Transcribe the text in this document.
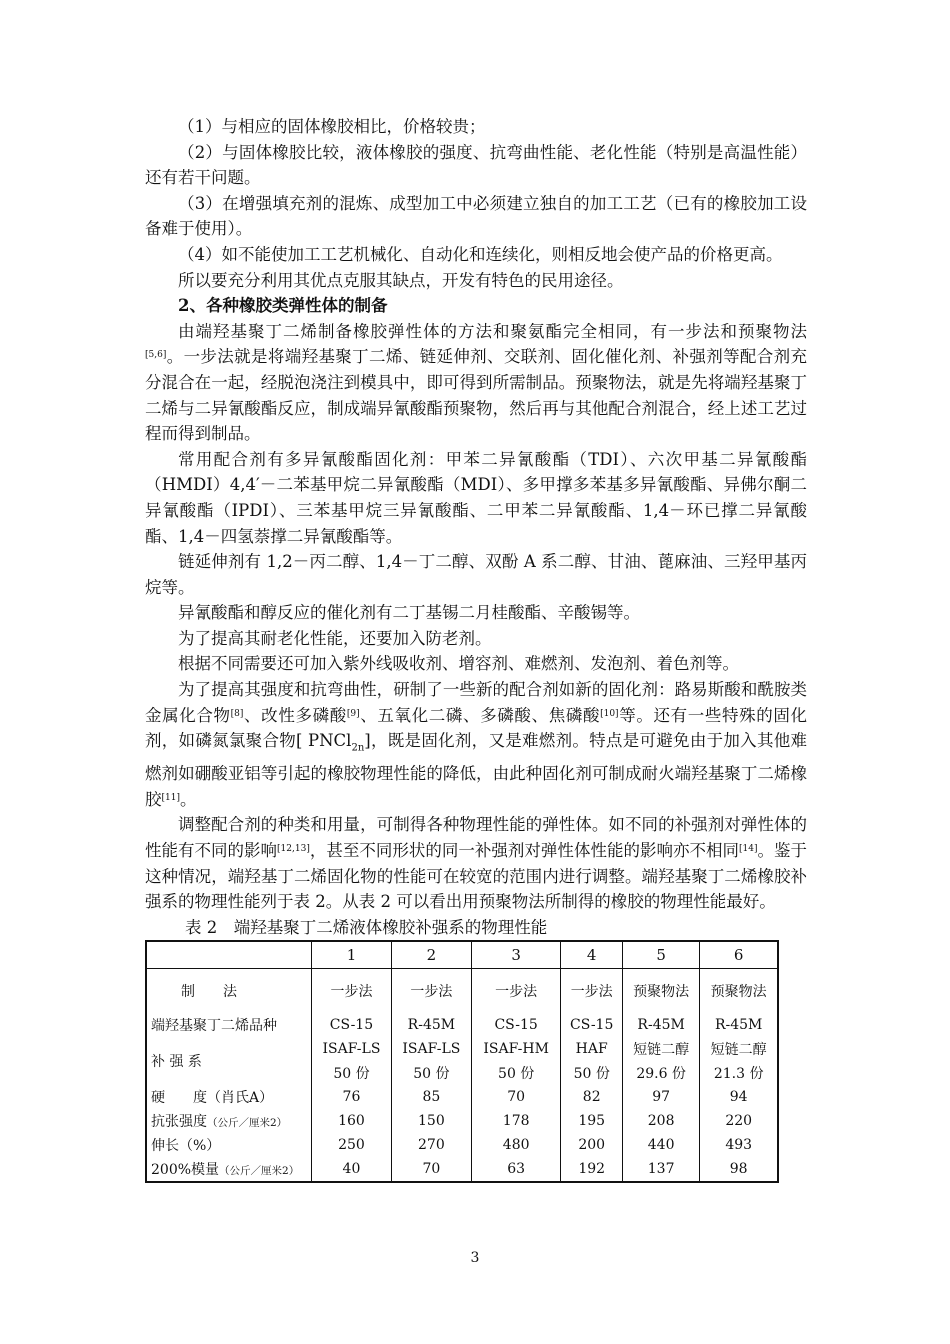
（1）与相应的固体橡胶相比，价格较贵；

（2）与固体橡胶比较，液体橡胶的强度、抗弯曲性能、老化性能（特别是高温性能）还有若干问题。

（3）在增强填充剂的混炼、成型加工中必须建立独自的加工工艺（已有的橡胶加工设备难于使用）。

（4）如不能使加工工艺机械化、自动化和连续化，则相反地会使产品的价格更高。

所以要充分利用其优点克服其缺点，开发有特色的民用途径。

2、各种橡胶类弹性体的制备

由端羟基聚丁二烯制备橡胶弹性体的方法和聚氨酯完全相同，有一步法和预聚物法[5,6]。一步法就是将端羟基聚丁二烯、链延伸剂、交联剂、固化催化剂、补强剂等配合剂充分混合在一起，经脱泡浇注到模具中，即可得到所需制品。预聚物法，就是先将端羟基聚丁二烯与二异氰酸酯反应，制成端异氰酸酯预聚物，然后再与其他配合剂混合，经上述工艺过程而得到制品。

常用配合剂有多异氰酸酯固化剂：甲苯二异氰酸酯（TDI）、六次甲基二异氰酸酯（HMDI）4,4′－二苯基甲烷二异氰酸酯（MDI）、多甲撑多苯基多异氰酸酯、异佛尔酮二异氰酸酯（IPDI）、三苯基甲烷三异氰酸酯、二甲苯二异氰酸酯、1,4－环已撑二异氰酸酯、1,4－四氢萘撑二异氰酸酯等。

链延伸剂有 1,2－丙二醇、1,4－丁二醇、双酚 A 系二醇、甘油、蓖麻油、三羟甲基丙烷等。

异氰酸酯和醇反应的催化剂有二丁基锡二月桂酸酯、辛酸锡等。

为了提高其耐老化性能，还要加入防老剂。

根据不同需要还可加入紫外线吸收剂、增容剂、难燃剂、发泡剂、着色剂等。

为了提高其强度和抗弯曲性，研制了一些新的配合剂如新的固化剂：路易斯酸和酰胺类金属化合物[8]、改性多磷酸[9]、五氧化二磷、多磷酸、焦磷酸[10]等。还有一些特殊的固化剂，如磷氮氯聚合物[ PNCl$_{2n}$]，既是固化剂，又是难燃剂。特点是可避免由于加入其他难燃剂如硼酸亚铝等引起的橡胶物理性能的降低，由此种固化剂可制成耐火端羟基聚丁二烯橡胶[11]。

调整配合剂的种类和用量，可制得各种物理性能的弹性体。如不同的补强剂对弹性体的性能有不同的影响[12,13]，甚至不同形状的同一补强剂对弹性体性能的影响亦不相同[14]。鉴于这种情况，端羟基丁二烯固化物的性能可在较宽的范围内进行调整。端羟基聚丁二烯橡胶补强系的物理性能列于表 2。从表 2 可以看出用预聚物法所制得的橡胶的物理性能最好。

表 2　端羟基聚丁二烯液体橡胶补强系的物理性能

	1	2	3	4	5	6
制　　法	一步法	一步法	一步法	一步法	预聚物法	预聚物法
端羟基聚丁二烯品种	CS-15	R-45M	CS-15	CS-15	R-45M	R-45M
补 强 系	ISAF-LS	ISAF-LS	ISAF-HM	HAF	短链二醇	短链二醇
	50 份	50 份	50 份	50 份	29.6 份	21.3 份
硬　　度（肖氏A）	76	85	70	82	97	94
抗张强度（公斤／厘米2）	160	150	178	195	208	220
伸长（%）	250	270	480	200	440	493
200%模量（公斤／厘米2）	40	70	63	192	137	98
3
